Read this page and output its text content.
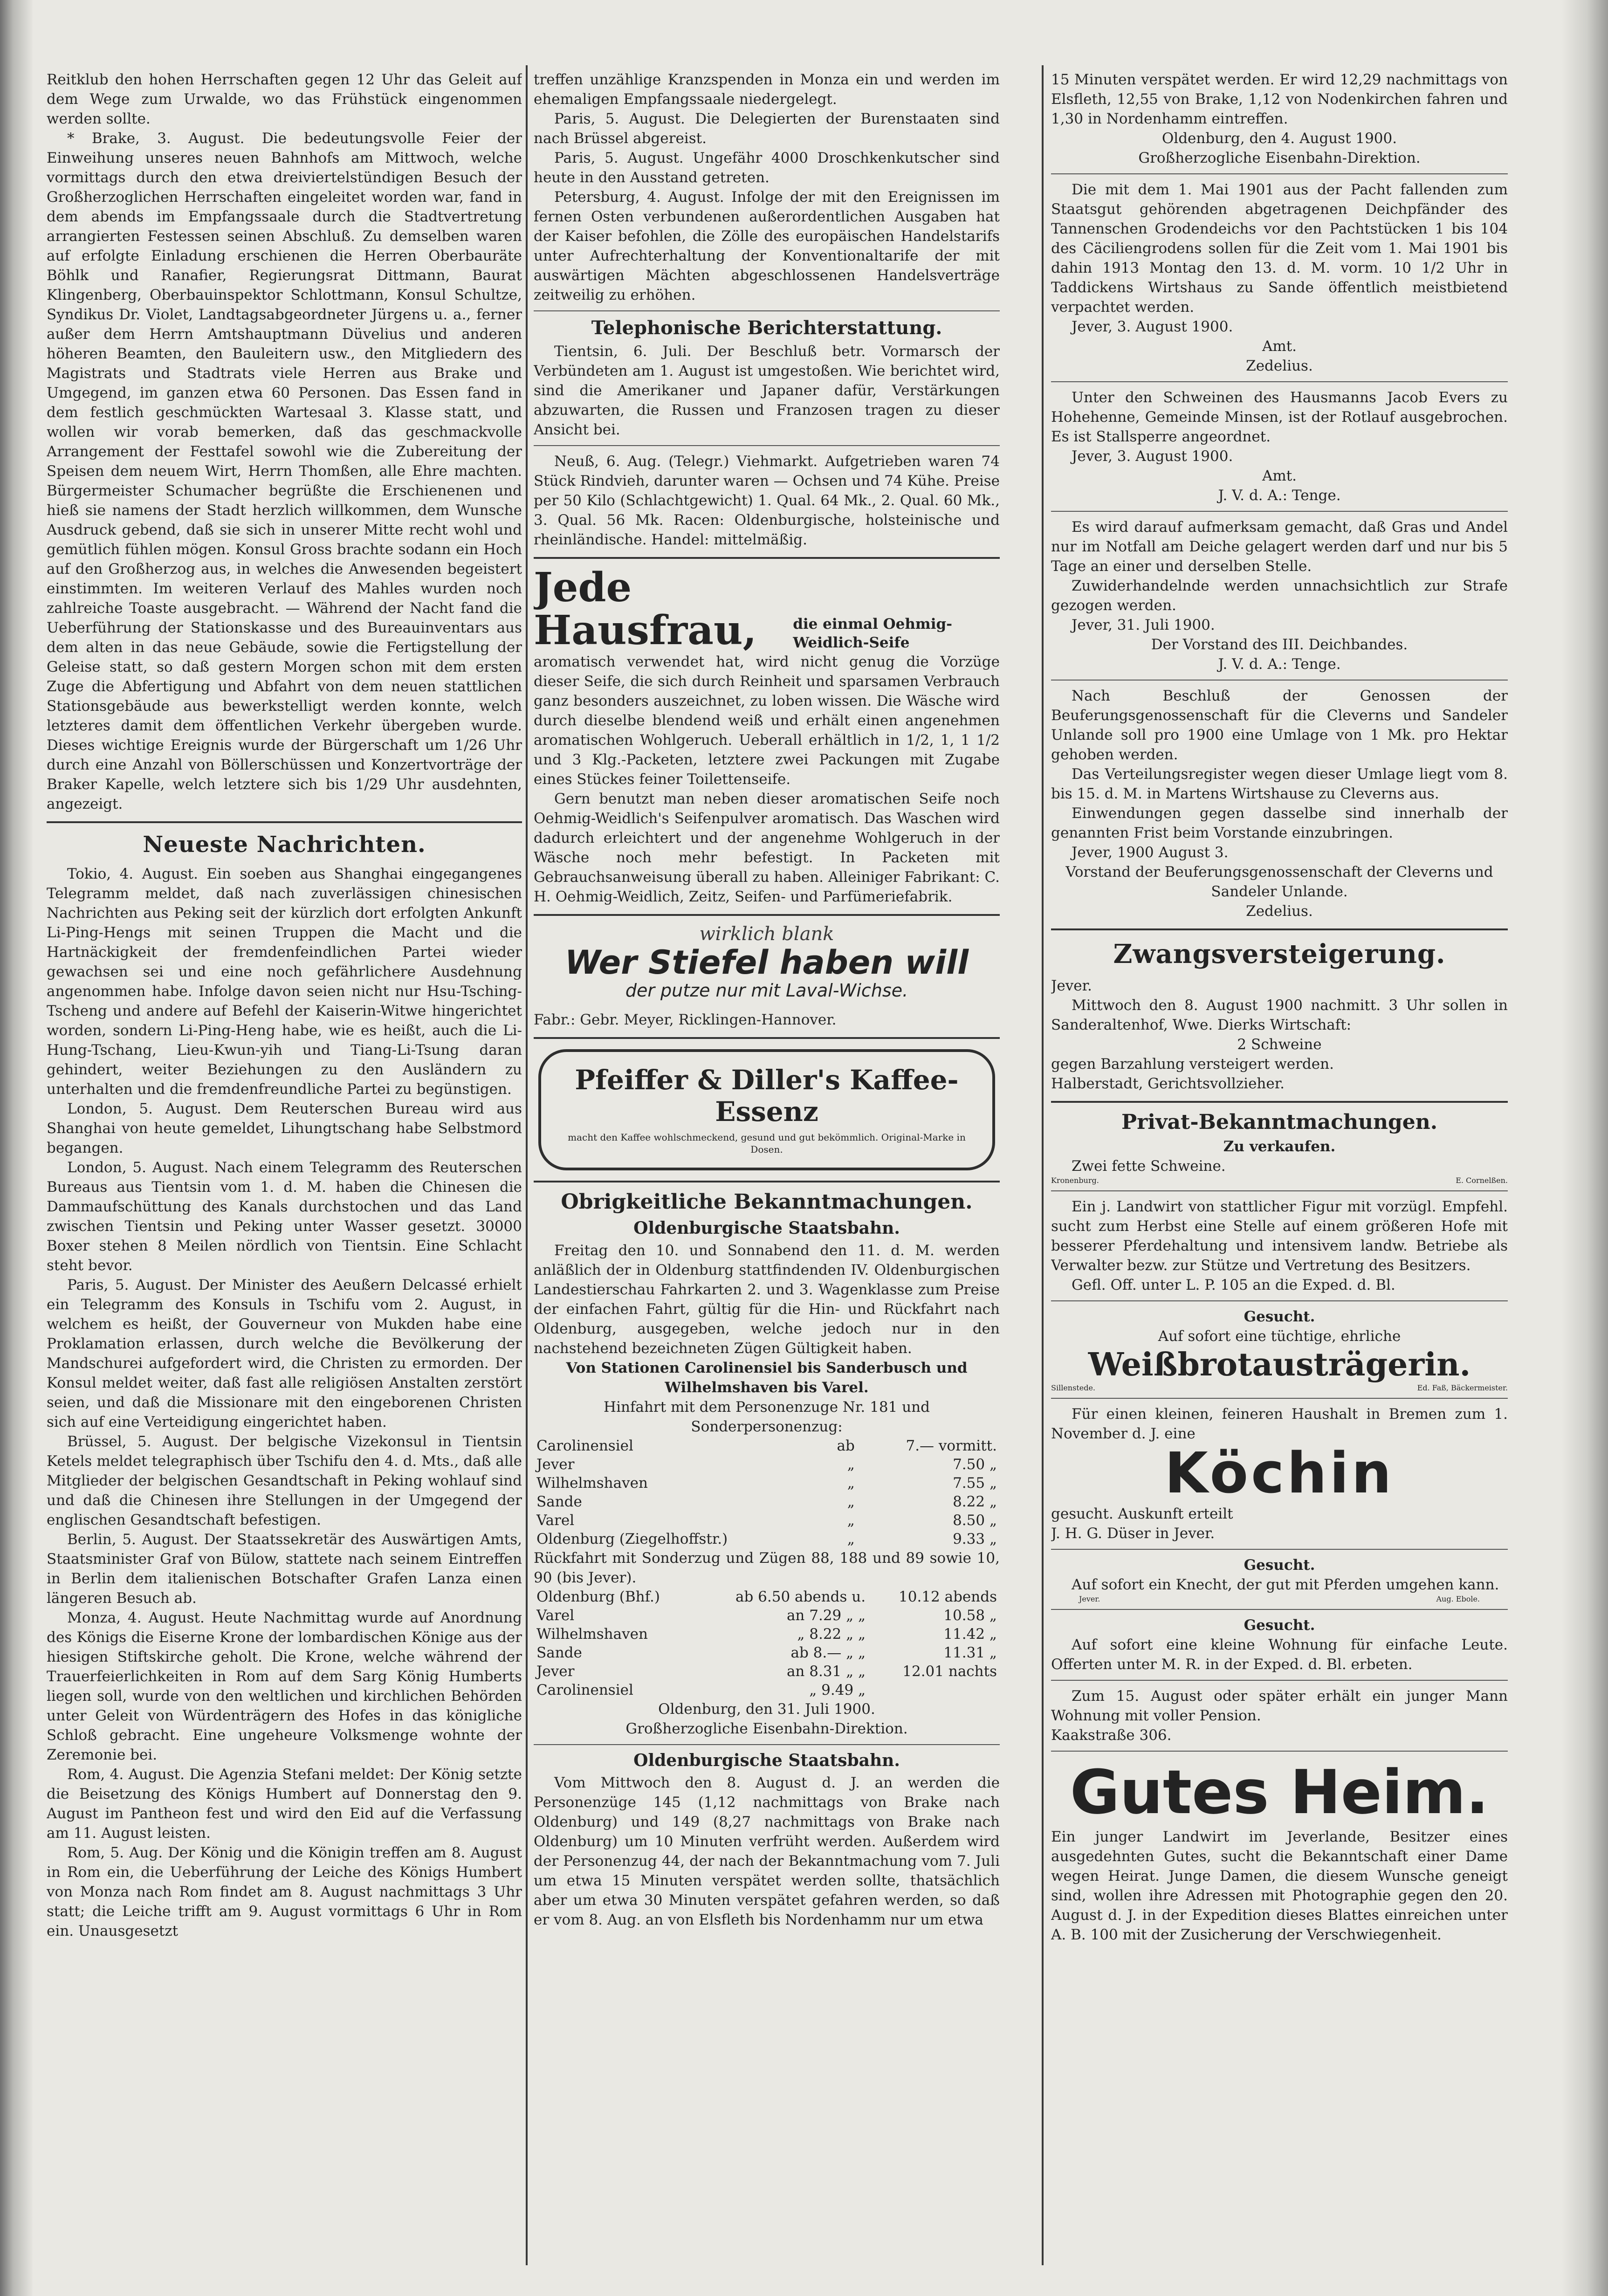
Reitklub den hohen Herrschaften gegen 12 Uhr das Geleit auf dem Wege zum Urwalde, wo das Frühstück eingenommen werden sollte.

* Brake, 3. August. Die bedeutungsvolle Feier der Einweihung unseres neuen Bahnhofs am Mittwoch, welche vormittags durch den etwa dreiviertelstündigen Besuch der Großherzoglichen Herrschaften eingeleitet worden war, fand in dem abends im Empfangssaale durch die Stadtvertretung arrangierten Festessen seinen Abschluß. Zu demselben waren auf erfolgte Einladung erschienen die Herren Oberbauräte Böhlk und Ranafier, Regierungsrat Dittmann, Baurat Klingenberg, Oberbauinspektor Schlottmann, Konsul Schultze, Syndikus Dr. Violet, Landtagsabgeordneter Jürgens u. a., ferner außer dem Herrn Amtshauptmann Düvelius und anderen höheren Beamten, den Bauleitern usw., den Mitgliedern des Magistrats und Stadtrats viele Herren aus Brake und Umgegend, im ganzen etwa 60 Personen. Das Essen fand in dem festlich geschmückten Wartesaal 3. Klasse statt, und wollen wir vorab bemerken, daß das geschmackvolle Arrangement der Festtafel sowohl wie die Zubereitung der Speisen dem neuem Wirt, Herrn Thomßen, alle Ehre machten. Bürgermeister Schumacher begrüßte die Erschienenen und hieß sie namens der Stadt herzlich willkommen, dem Wunsche Ausdruck gebend, daß sie sich in unserer Mitte recht wohl und gemütlich fühlen mögen. Konsul Gross brachte sodann ein Hoch auf den Großherzog aus, in welches die Anwesenden begeistert einstimmten. Im weiteren Verlauf des Mahles wurden noch zahlreiche Toaste ausgebracht. — Während der Nacht fand die Ueberführung der Stationskasse und des Bureauinventars aus dem alten in das neue Gebäude, sowie die Fertigstellung der Geleise statt, so daß gestern Morgen schon mit dem ersten Zuge die Abfertigung und Abfahrt von dem neuen stattlichen Stationsgebäude aus bewerkstelligt werden konnte, welch letzteres damit dem öffentlichen Verkehr übergeben wurde. Dieses wichtige Ereignis wurde der Bürgerschaft um 1/26 Uhr durch eine Anzahl von Böllerschüssen und Konzertvorträge der Braker Kapelle, welch letztere sich bis 1/29 Uhr ausdehnten, angezeigt.

Neueste Nachrichten.

Tokio, 4. August. Ein soeben aus Shanghai eingegangenes Telegramm meldet, daß nach zuverlässigen chinesischen Nachrichten aus Peking seit der kürzlich dort erfolgten Ankunft Li-Ping-Hengs mit seinen Truppen die Macht und die Hartnäckigkeit der fremdenfeindlichen Partei wieder gewachsen sei und eine noch gefährlichere Ausdehnung angenommen habe. Infolge davon seien nicht nur Hsu-Tsching-Tscheng und andere auf Befehl der Kaiserin-Witwe hingerichtet worden, sondern Li-Ping-Heng habe, wie es heißt, auch die Li-Hung-Tschang, Lieu-Kwun-yih und Tiang-Li-Tsung daran gehindert, weiter Beziehungen zu den Ausländern zu unterhalten und die fremdenfreundliche Partei zu begünstigen.

London, 5. August. Dem Reuterschen Bureau wird aus Shanghai von heute gemeldet, Lihungtschang habe Selbstmord begangen.

London, 5. August. Nach einem Telegramm des Reuterschen Bureaus aus Tientsin vom 1. d. M. haben die Chinesen die Dammaufschüttung des Kanals durchstochen und das Land zwischen Tientsin und Peking unter Wasser gesetzt. 30000 Boxer stehen 8 Meilen nördlich von Tientsin. Eine Schlacht steht bevor.

Paris, 5. August. Der Minister des Aeußern Delcassé erhielt ein Telegramm des Konsuls in Tschifu vom 2. August, in welchem es heißt, der Gouverneur von Mukden habe eine Proklamation erlassen, durch welche die Bevölkerung der Mandschurei aufgefordert wird, die Christen zu ermorden. Der Konsul meldet weiter, daß fast alle religiösen Anstalten zerstört seien, und daß die Missionare mit den eingeborenen Christen sich auf eine Verteidigung eingerichtet haben.

Brüssel, 5. August. Der belgische Vizekonsul in Tientsin Ketels meldet telegraphisch über Tschifu den 4. d. Mts., daß alle Mitglieder der belgischen Gesandtschaft in Peking wohlauf sind und daß die Chinesen ihre Stellungen in der Umgegend der englischen Gesandtschaft befestigen.

Berlin, 5. August. Der Staatssekretär des Auswärtigen Amts, Staatsminister Graf von Bülow, stattete nach seinem Eintreffen in Berlin dem italienischen Botschafter Grafen Lanza einen längeren Besuch ab.

Monza, 4. August. Heute Nachmittag wurde auf Anordnung des Königs die Eiserne Krone der lombardischen Könige aus der hiesigen Stiftskirche geholt. Die Krone, welche während der Trauerfeierlichkeiten in Rom auf dem Sarg König Humberts liegen soll, wurde von den weltlichen und kirchlichen Behörden unter Geleit von Würdenträgern des Hofes in das königliche Schloß gebracht. Eine ungeheure Volksmenge wohnte der Zeremonie bei.

Rom, 4. August. Die Agenzia Stefani meldet: Der König setzte die Beisetzung des Königs Humbert auf Donnerstag den 9. August im Pantheon fest und wird den Eid auf die Verfassung am 11. August leisten.

Rom, 5. Aug. Der König und die Königin treffen am 8. August in Rom ein, die Ueberführung der Leiche des Königs Humbert von Monza nach Rom findet am 8. August nachmittags 3 Uhr statt; die Leiche trifft am 9. August vormittags 6 Uhr in Rom ein. Unausgesetzt

treffen unzählige Kranzspenden in Monza ein und werden im ehemaligen Empfangssaale niedergelegt.

Paris, 5. August. Die Delegierten der Burenstaaten sind nach Brüssel abgereist.

Paris, 5. August. Ungefähr 4000 Droschkenkutscher sind heute in den Ausstand getreten.

Petersburg, 4. August. Infolge der mit den Ereignissen im fernen Osten verbundenen außerordentlichen Ausgaben hat der Kaiser befohlen, die Zölle des europäischen Handelstarifs unter Aufrechterhaltung der Konventionaltarife der mit auswärtigen Mächten abgeschlossenen Handelsverträge zeitweilig zu erhöhen.

Telephonische Berichterstattung.

Tientsin, 6. Juli. Der Beschluß betr. Vormarsch der Verbündeten am 1. August ist umgestoßen. Wie berichtet wird, sind die Amerikaner und Japaner dafür, Verstärkungen abzuwarten, die Russen und Franzosen tragen zu dieser Ansicht bei.

Neuß, 6. Aug. (Telegr.) Viehmarkt. Aufgetrieben waren 74 Stück Rindvieh, darunter waren — Ochsen und 74 Kühe. Preise per 50 Kilo (Schlachtgewicht) 1. Qual. 64 Mk., 2. Qual. 60 Mk., 3. Qual. 56 Mk. Racen: Oldenburgische, holsteinische und rheinländische. Handel: mittelmäßig.

Jede Hausfrau,	die einmal Oehmig-Weidlich-Seife

aromatisch verwendet hat, wird nicht genug die Vorzüge dieser Seife, die sich durch Reinheit und sparsamen Verbrauch ganz besonders auszeichnet, zu loben wissen. Die Wäsche wird durch dieselbe blendend weiß und erhält einen angenehmen aromatischen Wohlgeruch. Ueberall erhältlich in 1/2, 1, 1 1/2 und 3 Klg.-Packeten, letztere zwei Packungen mit Zugabe eines Stückes feiner Toilettenseife.

Gern benutzt man neben dieser aromatischen Seife noch Oehmig-Weidlich's Seifenpulver aromatisch. Das Waschen wird dadurch erleichtert und der angenehme Wohlgeruch in der Wäsche noch mehr befestigt. In Packeten mit Gebrauchsanweisung überall zu haben. Alleiniger Fabrikant: C. H. Oehmig-Weidlich, Zeitz, Seifen- und Parfümeriefabrik.

wirklich blank
Wer Stiefel haben will
der putze nur mit Laval-Wichse.

Fabr.: Gebr. Meyer, Ricklingen-Hannover.

Pfeiffer & Diller's Kaffee-Essenz
macht den Kaffee wohlschmeckend, gesund und gut bekömmlich. Original-Marke in Dosen.
Obrigkeitliche Bekanntmachungen.
Oldenburgische Staatsbahn.

Freitag den 10. und Sonnabend den 11. d. M. werden anläßlich der in Oldenburg stattfindenden IV. Oldenburgischen Landestierschau Fahrkarten 2. und 3. Wagenklasse zum Preise der einfachen Fahrt, gültig für die Hin- und Rückfahrt nach Oldenburg, ausgegeben, welche jedoch nur in den nachstehend bezeichneten Zügen Gültigkeit haben.

Von Stationen Carolinensiel bis Sanderbusch und Wilhelmshaven bis Varel.

Hinfahrt mit dem Personenzuge Nr. 181 und Sonderpersonenzug:

Carolinensiel	ab	7.— vormitt.
Jever	„	7.50 „
Wilhelmshaven	„	7.55 „
Sande	„	8.22 „
Varel	„	8.50 „
Oldenburg (Ziegelhoffstr.)	„	9.33 „

Rückfahrt mit Sonderzug und Zügen 88, 188 und 89 sowie 10, 90 (bis Jever).

Oldenburg (Bhf.)	ab 6.50 abends u.	10.12 abends
Varel	an 7.29 „ „	10.58 „
Wilhelmshaven	„ 8.22 „ „	11.42 „
Sande	ab 8.— „ „	11.31 „
Jever	an 8.31 „ „	12.01 nachts
Carolinensiel	„ 9.49 „	

Oldenburg, den 31. Juli 1900.

Großherzogliche Eisenbahn-Direktion.

Oldenburgische Staatsbahn.

Vom Mittwoch den 8. August d. J. an werden die Personenzüge 145 (1,12 nachmittags von Brake nach Oldenburg) und 149 (8,27 nachmittags von Brake nach Oldenburg) um 10 Minuten verfrüht werden. Außerdem wird der Personenzug 44, der nach der Bekanntmachung vom 7. Juli um etwa 15 Minuten verspätet werden sollte, thatsächlich aber um etwa 30 Minuten verspätet gefahren werden, so daß er vom 8. Aug. an von Elsfleth bis Nordenhamm nur um etwa

15 Minuten verspätet werden. Er wird 12,29 nachmittags von Elsfleth, 12,55 von Brake, 1,12 von Nodenkirchen fahren und 1,30 in Nordenhamm eintreffen.

Oldenburg, den 4. August 1900.

Großherzogliche Eisenbahn-Direktion.

Die mit dem 1. Mai 1901 aus der Pacht fallenden zum Staatsgut gehörenden abgetragenen Deichpfänder des Tannenschen Grodendeichs vor den Pachtstücken 1 bis 104 des Cäciliengrodens sollen für die Zeit vom 1. Mai 1901 bis dahin 1913 Montag den 13. d. M. vorm. 10 1/2 Uhr in Taddickens Wirtshaus zu Sande öffentlich meistbietend verpachtet werden.

Jever, 3. August 1900.

Amt.

Zedelius.

Unter den Schweinen des Hausmanns Jacob Evers zu Hohehenne, Gemeinde Minsen, ist der Rotlauf ausgebrochen. Es ist Stallsperre angeordnet.

Jever, 3. August 1900.

Amt.

J. V. d. A.: Tenge.

Es wird darauf aufmerksam gemacht, daß Gras und Andel nur im Notfall am Deiche gelagert werden darf und nur bis 5 Tage an einer und derselben Stelle.

Zuwiderhandelnde werden unnachsichtlich zur Strafe gezogen werden.

Jever, 31. Juli 1900.

Der Vorstand des III. Deichbandes.

J. V. d. A.: Tenge.

Nach Beschluß der Genossen der Beuferungsgenossenschaft für die Cleverns und Sandeler Unlande soll pro 1900 eine Umlage von 1 Mk. pro Hektar gehoben werden.

Das Verteilungsregister wegen dieser Umlage liegt vom 8. bis 15. d. M. in Martens Wirtshause zu Cleverns aus.

Einwendungen gegen dasselbe sind innerhalb der genannten Frist beim Vorstande einzubringen.

Jever, 1900 August 3.

Vorstand der Beuferungsgenossenschaft der Cleverns und Sandeler Unlande.

Zedelius.

Zwangsversteigerung.

Jever.

Mittwoch den 8. August 1900 nachmitt. 3 Uhr sollen in Sanderaltenhof, Wwe. Dierks Wirtschaft:

2 Schweine

gegen Barzahlung versteigert werden.

Halberstadt, Gerichtsvollzieher.

Privat-Bekanntmachungen.

Zu verkaufen.

Zwei fette Schweine.

Kronenburg.	E. Cornelßen.

Ein j. Landwirt von stattlicher Figur mit vorzügl. Empfehl. sucht zum Herbst eine Stelle auf einem größeren Hofe mit besserer Pferdehaltung und intensivem landw. Betriebe als Verwalter bezw. zur Stütze und Vertretung des Besitzers.

Gefl. Off. unter L. P. 105 an die Exped. d. Bl.

Gesucht.

Auf sofort eine tüchtige, ehrliche

Weißbrotausträgerin.
Sillenstede.	Ed. Faß, Bäckermeister.

Für einen kleinen, feineren Haushalt in Bremen zum 1. November d. J. eine

Köchin

gesucht. Auskunft erteilt

J. H. G. Düser in Jever.

Gesucht.

Auf sofort ein Knecht, der gut mit Pferden umgehen kann.

Jever.	Aug. Ebole.

Gesucht.

Auf sofort eine kleine Wohnung für einfache Leute. Offerten unter M. R. in der Exped. d. Bl. erbeten.

Zum 15. August oder später erhält ein junger Mann Wohnung mit voller Pension.

Kaakstraße 306.

Gutes Heim.

Ein junger Landwirt im Jeverlande, Besitzer eines ausgedehnten Gutes, sucht die Bekanntschaft einer Dame wegen Heirat. Junge Damen, die diesem Wunsche geneigt sind, wollen ihre Adressen mit Photographie gegen den 20. August d. J. in der Expedition dieses Blattes einreichen unter A. B. 100 mit der Zusicherung der Verschwiegenheit.
